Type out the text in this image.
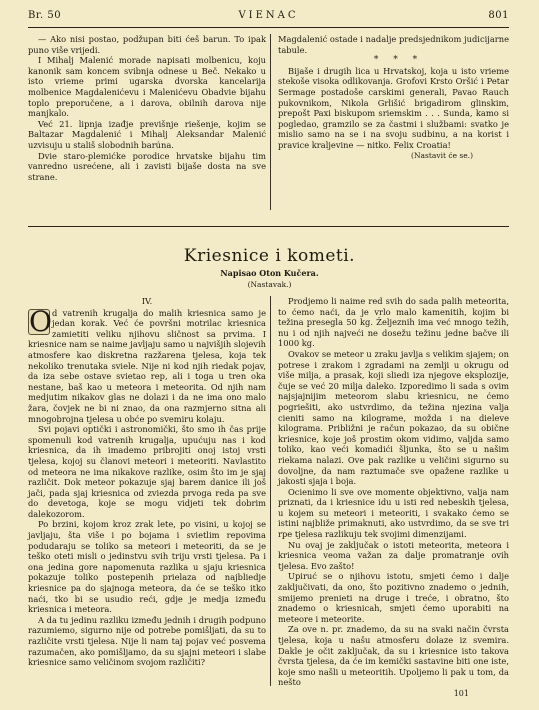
Br. 50	VIENAC	801

— Ako nisi postao, podžupan biti ćeš barun. To ipak puno više vrijedi.

I Mihalj Malenić morade napisati molbenicu, koju kanonik sam koncem svibnja odnese u Beč. Nekako u isto vrieme primi ugarska dvorska kancelarija molbenice Magdalenićevu i Malenićevu Obadvie bijahu toplo preporučene, a i darova, obilnih darova nije manjkalo.

Već 21. lipnja izađje previšnje riešenje, kojim se Baltazar Magdalenić i Mihalj Aleksandar Malenić uzvisuju u stališ slobodnih barúna.

Dvie staro-plemićke porodice hrvatske bijahu tim vanredno usrećene, ali i zavisti bijaše dosta na sve strane.

Magdalenić ostade i nadalje predsjednikom judicijarne tabule.

* * *

Bijaše i drugih lica u Hrvatskoj, koja u isto vrieme stekoše visoka odlikovanja. Grofovi Krsto Oršić i Petar Sermage postadoše carskimi generali, Pavao Rauch pukovnikom, Nikola Grlišić brigadirom glinskim, prepošt Paxi biskupom sriemskim . . . Sunda, kamo si pogledao, gramzilo se za častmi i službami: svatko je mislio samo na se i na svoju sudbinu, a na korist i pravice kraljevine — nitko. Felix Croatia!

(Nastavit će se.)

Kriesnice i kometi.
Napisao Oton Kučera.
(Nastavak.)

IV.

O d vatrenih krugalja do malih kriesnica samo je jedan korak. Već će površni motrilac kriesnica zamietiti veliku njihovu sličnost sa prvima. I kriesnice nam se naime javljaju samo u najvišjih slojevih atmosfere kao diskretna razžarena tjelesa, koja tek nekoliko trenutaka sviele. Nije ni kod njih riedak pojav, da iza sebe ostave svietao rep, ali i toga u tren oka nestane, baš kao u meteora i meteorita. Od njih nam medjutim nikakov glas ne dolazi i da ne ima ono malo žara, čovjek ne bi ni znao, da ona razmjerno sitna ali mnogobrojna tjelesa u obće po svemiru kolaju.

Svi pojavi optički i astronomički, što smo ih čas prije spomenuli kod vatrenih krugalja, upućuju nas i kod kriesnica, da ih imademo pribrojiti onoj istoj vrsti tjelesa, kojoj su članovi meteori i meteoriti. Navlastito od meteora ne ima nikakove razlike, osim što im je sjaj različit. Dok meteor pokazuje sjaj barem danice ili još jači, pada sjaj kriesnica od zviezda prvoga reda pa sve do devetoga, koje se mogu vidjeti tek dobrim dalekozorom.

Po brzini, kojom kroz zrak lete, po visini, u kojoj se javljaju, šta više i po bojama i svietlim repovima podudaraju se toliko sa meteori i meteoriti, da se je teško oteti misli o jedinstvu svih triju vrsti tjelesa. Pa i ona jedina gore napomenuta razlika u sjaju kriesnica pokazuje toliko postepenih prielaza od najbliedje kriesnice pa do sjajnoga meteora, da će se teško itko naći, tko bi se usudio reći, gdje je medja između kriesnica i meteora.

A da tu jedinu razliku između jednih i drugih podpuno razumiemo, sigurno nije od potrebe pomišljati, da su to različite vrsti tjelesa. Nije li nam taj pojav već posvema razumačen, ako pomišljamo, da su sjajni meteori i slabe kriesnice samo veličinom svojom različiti?

Prodjemo li naime red svih do sada palih meteorita, to ćemo naći, da je vrlo malo kamenitih, kojim bi težina presegla 50 kg. Željeznih ima već mnogo težih, nu i od njih najveći ne dosežu težinu jedne bačve ili 1000 kg.

Ovakov se meteor u zraku javlja s velikim sjajem; on potrese i zrakom i zgradami na zemlji u okrugu od više milja, a prasak, koji sliedi iza njegove eksplozije, čuje se već 20 milja daleko. Izporedimo li sada s ovim najsjajnijim meteorom slabu kriesnicu, ne ćemo pogriešiti, ako ustvrdimo, da težina njezina valja cieniti samo na kilograme, možda i na dieleve kilograma. Približni je račun pokazao, da su obične kriesnice, koje još prostim okom vidimo, valjda samo toliko, kao veći komadići šljunka, što se u našim riekama nalazi. Ove pak razlike u veličini sigurno su dovoljne, da nam raztumače sve opažene razlike u jakosti sjaja i boja.

Ocienimo li sve ove momente objektivno, valja nam priznati, da i kriesnice idu u isti red nebeskih tjelesa, u kojem su meteori i meteoriti, i svakako ćemo se istini najbliže primaknuti, ako ustvrdimo, da se sve tri rpe tjelesa razlikuju tek svojimi dimenzijami.

Nu ovaj je zaključak o istoti meteorita, meteora i kriesnica veoma važan za dalje promatranje ovih tjelesa. Evo zašto!

Upiruć se o njihovu istotu, smjeti ćemo i dalje zaključivati, da ono, što pozitivno znademo o jednih, smijemo prenieti na druge i treće, i obratno, što znademo o kriesnicah, smjeti ćemo uporabiti na meteore i meteorite.

Za ove n. pr. znademo, da su na svaki način čvrsta tjelesa, koja u našu atmosferu dolaze iz svemira. Dakle je očit zaključak, da su i kriesnice isto takova čvrsta tjelesa, da će im kemički sastavine biti one iste, koje smo našli u meteoritih. Upoljemo li pak u tom, da nešto

101
